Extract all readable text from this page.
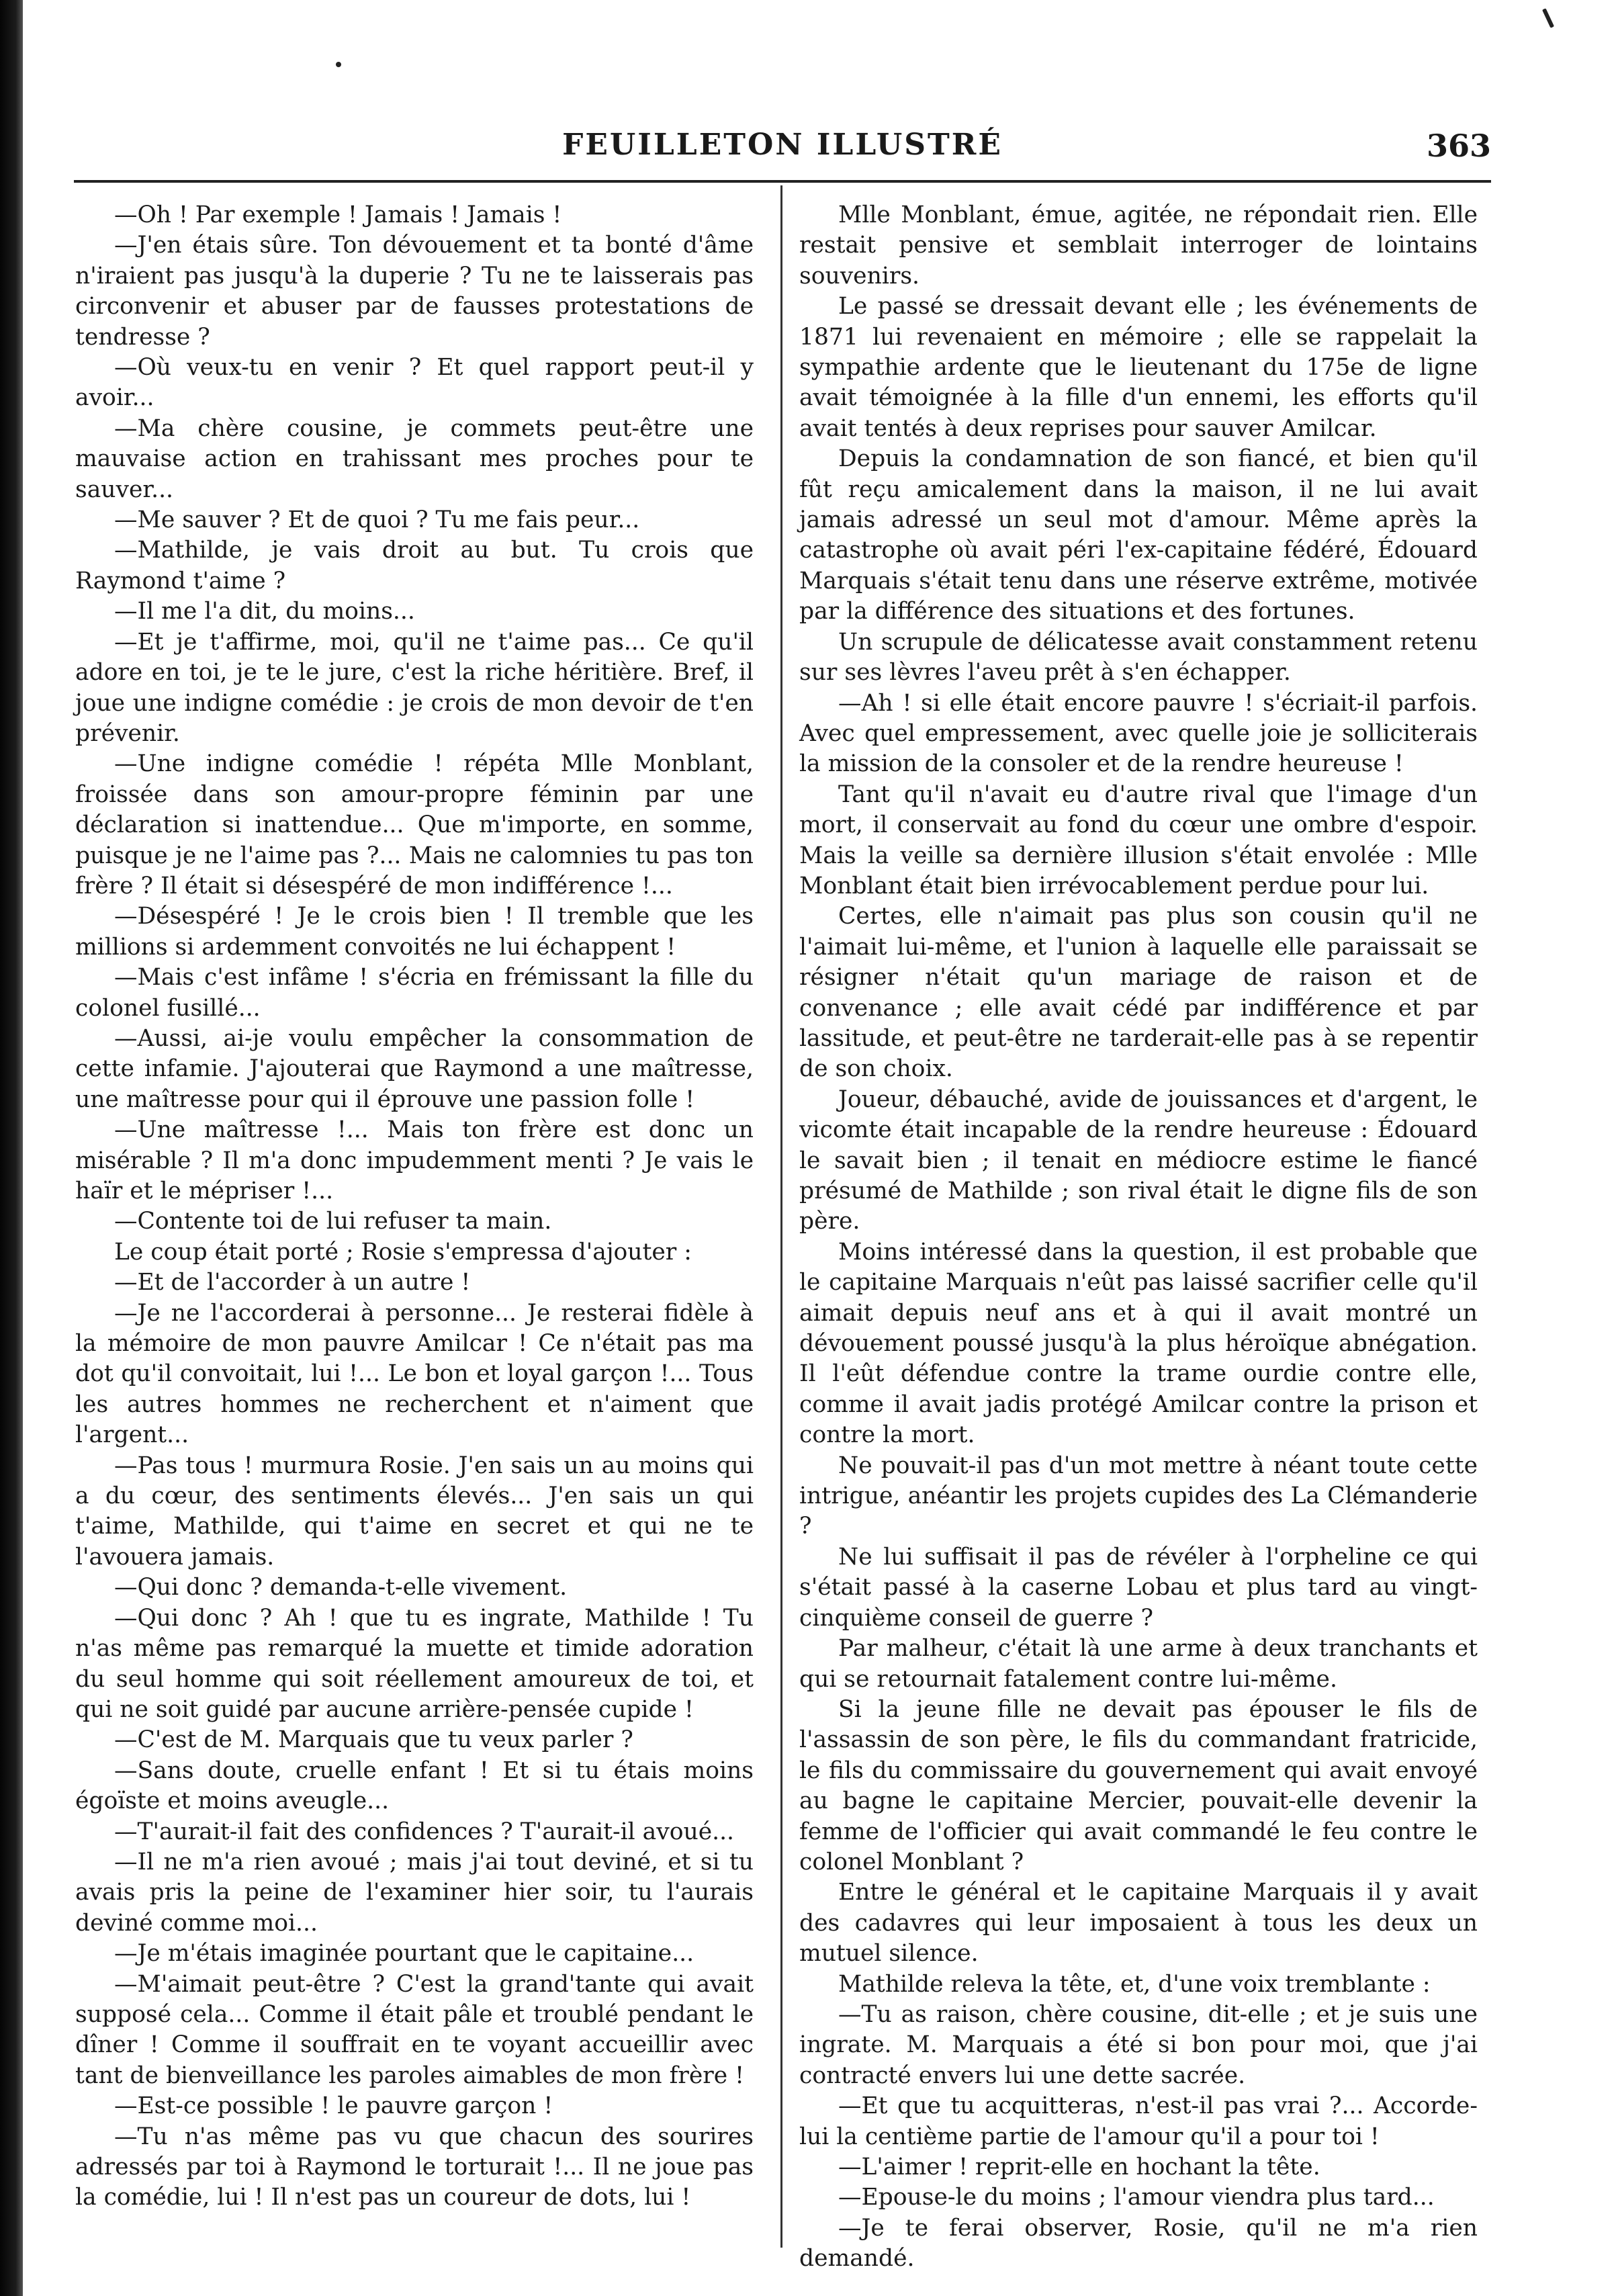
FEUILLETON ILLUSTRÉ	363

—Oh ! Par exemple ! Jamais ! Jamais !

—J'en étais sûre. Ton dévouement et ta bonté d'âme n'iraient pas jusqu'à la duperie ? Tu ne te laisserais pas circonvenir et abuser par de fausses protestations de tendresse ?

—Où veux-tu en venir ? Et quel rapport peut-il y avoir...

—Ma chère cousine, je commets peut-être une mauvaise action en trahissant mes proches pour te sauver...

—Me sauver ? Et de quoi ? Tu me fais peur...

—Mathilde, je vais droit au but. Tu crois que Raymond t'aime ?

—Il me l'a dit, du moins...

—Et je t'affirme, moi, qu'il ne t'aime pas... Ce qu'il adore en toi, je te le jure, c'est la riche héritière. Bref, il joue une indigne comédie : je crois de mon devoir de t'en prévenir.

—Une indigne comédie ! répéta Mlle Monblant, froissée dans son amour-propre féminin par une déclaration si inattendue... Que m'importe, en somme, puisque je ne l'aime pas ?... Mais ne calomnies tu pas ton frère ? Il était si désespéré de mon indifférence !...

—Désespéré ! Je le crois bien ! Il tremble que les millions si ardemment convoités ne lui échappent !

—Mais c'est infâme ! s'écria en frémissant la fille du colonel fusillé...

—Aussi, ai-je voulu empêcher la consommation de cette infamie. J'ajouterai que Raymond a une maîtresse, une maîtresse pour qui il éprouve une passion folle !

—Une maîtresse !... Mais ton frère est donc un misérable ? Il m'a donc impudemment menti ? Je vais le haïr et le mépriser !...

—Contente toi de lui refuser ta main.

Le coup était porté ; Rosie s'empressa d'ajouter :

—Et de l'accorder à un autre !

—Je ne l'accorderai à personne... Je resterai fidèle à la mémoire de mon pauvre Amilcar ! Ce n'était pas ma dot qu'il convoitait, lui !... Le bon et loyal garçon !... Tous les autres hommes ne recherchent et n'aiment que l'argent...

—Pas tous ! murmura Rosie. J'en sais un au moins qui a du cœur, des sentiments élevés... J'en sais un qui t'aime, Mathilde, qui t'aime en secret et qui ne te l'avouera jamais.

—Qui donc ? demanda-t-elle vivement.

—Qui donc ? Ah ! que tu es ingrate, Mathilde ! Tu n'as même pas remarqué la muette et timide adoration du seul homme qui soit réellement amoureux de toi, et qui ne soit guidé par aucune arrière-pensée cupide !

—C'est de M. Marquais que tu veux parler ?

—Sans doute, cruelle enfant ! Et si tu étais moins égoïste et moins aveugle...

—T'aurait-il fait des confidences ? T'aurait-il avoué...

—Il ne m'a rien avoué ; mais j'ai tout deviné, et si tu avais pris la peine de l'examiner hier soir, tu l'aurais deviné comme moi...

—Je m'étais imaginée pourtant que le capitaine...

—M'aimait peut-être ? C'est la grand'tante qui avait supposé cela... Comme il était pâle et troublé pendant le dîner ! Comme il souffrait en te voyant accueillir avec tant de bienveillance les paroles aimables de mon frère !

—Est-ce possible ! le pauvre garçon !

—Tu n'as même pas vu que chacun des sourires adressés par toi à Raymond le torturait !... Il ne joue pas la comédie, lui ! Il n'est pas un coureur de dots, lui !

Mlle Monblant, émue, agitée, ne répondait rien. Elle restait pensive et semblait interroger de lointains souvenirs.

Le passé se dressait devant elle ; les événements de 1871 lui revenaient en mémoire ; elle se rappelait la sympathie ardente que le lieutenant du 175e de ligne avait témoignée à la fille d'un ennemi, les efforts qu'il avait tentés à deux reprises pour sauver Amilcar.

Depuis la condamnation de son fiancé, et bien qu'il fût reçu amicalement dans la maison, il ne lui avait jamais adressé un seul mot d'amour. Même après la catastrophe où avait péri l'ex-capitaine fédéré, Édouard Marquais s'était tenu dans une réserve extrême, motivée par la différence des situations et des fortunes.

Un scrupule de délicatesse avait constamment retenu sur ses lèvres l'aveu prêt à s'en échapper.

—Ah ! si elle était encore pauvre ! s'écriait-il parfois. Avec quel empressement, avec quelle joie je solliciterais la mission de la consoler et de la rendre heureuse !

Tant qu'il n'avait eu d'autre rival que l'image d'un mort, il conservait au fond du cœur une ombre d'espoir. Mais la veille sa dernière illusion s'était envolée : Mlle Monblant était bien irrévocablement perdue pour lui.

Certes, elle n'aimait pas plus son cousin qu'il ne l'aimait lui-même, et l'union à laquelle elle paraissait se résigner n'était qu'un mariage de raison et de convenance ; elle avait cédé par indifférence et par lassitude, et peut-être ne tarderait-elle pas à se repentir de son choix.

Joueur, débauché, avide de jouissances et d'argent, le vicomte était incapable de la rendre heureuse : Édouard le savait bien ; il tenait en médiocre estime le fiancé présumé de Mathilde ; son rival était le digne fils de son père.

Moins intéressé dans la question, il est probable que le capitaine Marquais n'eût pas laissé sacrifier celle qu'il aimait depuis neuf ans et à qui il avait montré un dévouement poussé jusqu'à la plus héroïque abnégation. Il l'eût défendue contre la trame ourdie contre elle, comme il avait jadis protégé Amilcar contre la prison et contre la mort.

Ne pouvait-il pas d'un mot mettre à néant toute cette intrigue, anéantir les projets cupides des La Clémanderie ?

Ne lui suffisait il pas de révéler à l'orpheline ce qui s'était passé à la caserne Lobau et plus tard au vingt-cinquième conseil de guerre ?

Par malheur, c'était là une arme à deux tranchants et qui se retournait fatalement contre lui-même.

Si la jeune fille ne devait pas épouser le fils de l'assassin de son père, le fils du commandant fratricide, le fils du commissaire du gouvernement qui avait envoyé au bagne le capitaine Mercier, pouvait-elle devenir la femme de l'officier qui avait commandé le feu contre le colonel Monblant ?

Entre le général et le capitaine Marquais il y avait des cadavres qui leur imposaient à tous les deux un mutuel silence.

Mathilde releva la tête, et, d'une voix tremblante :

—Tu as raison, chère cousine, dit-elle ; et je suis une ingrate. M. Marquais a été si bon pour moi, que j'ai contracté envers lui une dette sacrée.

—Et que tu acquitteras, n'est-il pas vrai ?... Accorde-lui la centième partie de l'amour qu'il a pour toi !

—L'aimer ! reprit-elle en hochant la tête.

—Epouse-le du moins ; l'amour viendra plus tard...

—Je te ferai observer, Rosie, qu'il ne m'a rien demandé.
